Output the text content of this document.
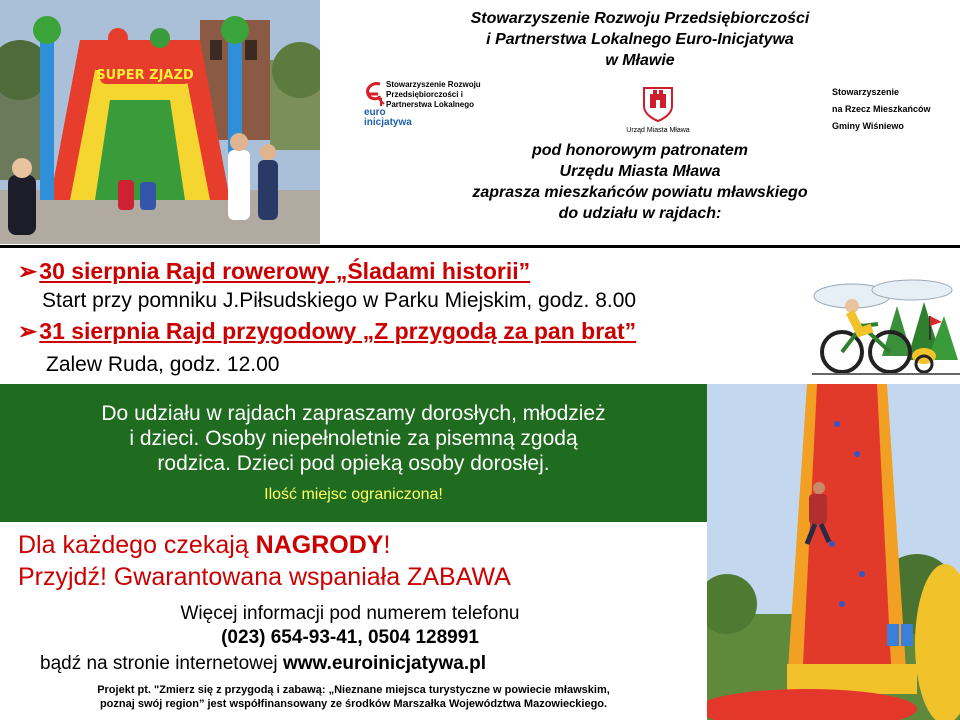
SUPER ZJAZD
Stowarzyszenie Rozwoju Przedsiębiorczości
i Partnerstwa Lokalnego Euro-Inicjatywa
w Mławie
Stowarzyszenie Rozwoju
Przedsiębiorczości i
Partnerstwa Lokalnego
euro
inicjatywa
Urząd Miasta Mława
Stowarzyszenie
na Rzecz Mieszkańców
Gminy Wiśniewo
pod honorowym patronatem
Urzędu Miasta Mława
zaprasza mieszkańców powiatu mławskiego
do udziału w rajdach:
➢30 sierpnia Rajd rowerowy „Śladami historii”
Start przy pomniku J.Piłsudskiego w Parku Miejskim, godz. 8.00
➢31 sierpnia Rajd przygodowy „Z przygodą za pan brat”
Zalew Ruda, godz. 12.00
Do udziału w rajdach zapraszamy dorosłych, młodzież
i dzieci. Osoby niepełnoletnie za pisemną zgodą
rodzica. Dzieci pod opieką osoby dorosłej.
Ilość miejsc ograniczona!
Dla każdego czekają NAGRODY!
Przyjdź! Gwarantowana wspaniała ZABAWA
Więcej informacji pod numerem telefonu
(023) 654-93-41, 0504 128991
bądź na stronie internetowej www.euroinicjatywa.pl
Projekt pt. "Zmierz się z przygodą i zabawą: „Nieznane miejsca turystyczne w powiecie mławskim,
poznaj swój region” jest współfinansowany ze środków Marszałka Województwa Mazowieckiego.
